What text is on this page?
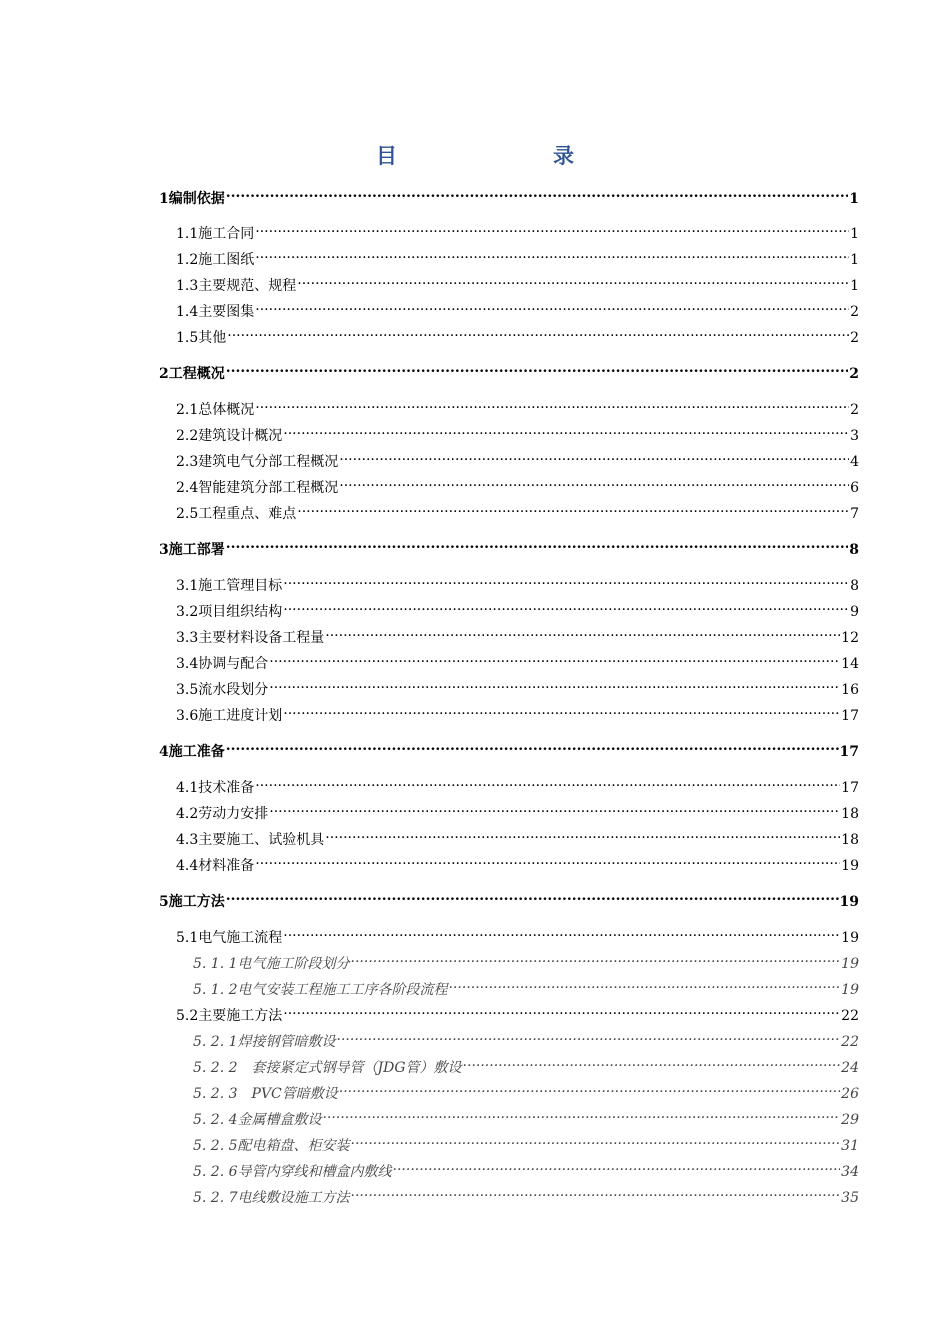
目　　录
1编制依据 .....	1
1.1施工合同 .....	1
1.2施工图纸 .....	1
1.3主要规范、规程 .....	1
1.4主要图集 .....	2
1.5其他 .....	2
2工程概况 .....	2
2.1总体概况 .....	2
2.2建筑设计概况 .....	3
2.3建筑电气分部工程概况 .....	4
2.4智能建筑分部工程概况 .....	6
2.5工程重点、难点 .....	7
3施工部署 .....	8
3.1施工管理目标 .....	8
3.2项目组织结构 .....	9
3.3主要材料设备工程量 .....	12
3.4协调与配合 .....	14
3.5流水段划分 .....	16
3.6施工进度计划 .....	17
4施工准备 .....	17
4.1技术准备 .....	17
4.2劳动力安排 .....	18
4.3主要施工、试验机具 .....	18
4.4材料准备 .....	19
5施工方法 .....	19
5.1电气施工流程 .....	19
5. 1. 1电气施工阶段划分 .....	19
5. 1. 2电气安装工程施工工序各阶段流程 .....	19
5.2主要施工方法 .....	22
5. 2. 1焊接钢管暗敷设 .....	22
5. 2. 2　套接紧定式钢导管（JDG管）敷设 .....	24
5. 2. 3　PVC管暗敷设 .....	26
5. 2. 4金属槽盒敷设 .....	29
5. 2. 5配电箱盘、柜安装 .....	31
5. 2. 6导管内穿线和槽盒内敷线 .....	34
5. 2. 7电线敷设施工方法 .....	35
